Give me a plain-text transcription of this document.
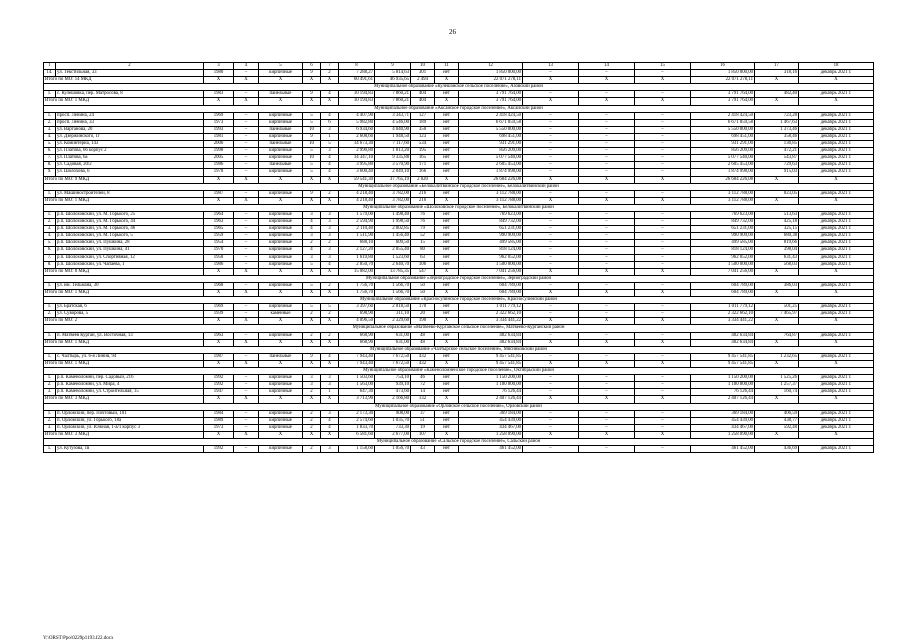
26
1	2	3	4	5	6	7	8	9	10	11	12	13	14	15	16	17	18
14.	ул. Текстильная, 33	1980	–	кирпичные	9	2	7 288,27	5 814,63	301	нет	1 850 000,00	–	–	–	1 850 000,00	318,16	декабрь 2021 г.
Итого по МО: 14 МКД		X	X	X	X	X	60 491,61	46 935,65	2 494	X	22 071 278,11	X	X	X	22 071 278,11	X	X
Муниципальное образование «Кулешовское сельское поселение», Азовский район																	
1.	с. Кулешовка, пер. Матросова, 8	1983	–	панельные	9	4	10 194,83	7 860,21	404	нет	3 791 764,00	–	–	–	3 791 764,00	482,40	декабрь 2021 г.
Итого по МО: 1 МКД		X	X	X	X	X	10 194,83	7 860,21	404	X	3 791 764,00	X	X	X	3 791 764,00	X	X
Муниципальное образование «Аксайское городское поселение», Аксайский район																	
1.	просп. Ленина, 24	1969	–	кирпичные	5	4	4 407,90	3 343,71	127	нет	2 418 424,50	–	–	–	2 418 424,50	723,28	декабрь 2021 г.
2.	просп. Ленина, 33	1973	–	кирпичные	5	6	5 982,80	4 546,00	189	нет	6 671 859,58	–	–	–	6 671 859,58	1 467,63	декабрь 2021 г.
3.	ул. Вартанова, 20	1993	–	панельные	10	3	6 934,60	4 040,90	350	нет	5 550 000,00	–	–	–	5 550 000,00	1 373,46	декабрь 2021 г.
4.	ул. Дзержинского, 1г	1981	–	кирпичные	9	1	2 608,60	1 948,50	123	нет	698 451,00	–	–	–	698 451,00	358,46	декабрь 2021 г.
5.	ул. Коминтерна, 143	2006	–	панельные	10	5	14 673,30	7 117,60	534	нет	931 291,00	–	–	–	931 291,00	130,85	декабрь 2021 г.
6.	ул. Платова, 66 корпус 2	1998	–	кирпичные	5	3	2 990,80	1 813,20	195	нет	856 209,00	–	–	–	856 209,00	472,21	декабрь 2021 г.
7.	ул. Платова, 6а	2005	–	кирпичные	10	4	14 347,10	9 335,88	165	нет	5 077 540,00	–	–	–	5 077 540,00	543,87	декабрь 2021 г.
8.	ул. Садовая, 20/2	1986	–	панельные	5	4	3 995,80	3 570,90	171	нет	2 605 453,00	–	–	–	2 605 453,00	729,63	декабрь 2021 г.
9.	ул. Шолохова, 6	1978	–	кирпичные	5	4	3 600,40	2 049,10	166	нет	1 874 998,00	–	–	–	1 874 998,00	915,03	декабрь 2021 г.
Итого по МО: 9 МКД		X	X	X	X	X	59 541,30	37 765,19	2 020	X	26 684 226,08	X	X	X	26 684 226,08	X	X
Муниципальное образование «Белокалитвинское городское поселение», Белокалитвинский район																	
1.	ул. Машиностроителей, 8	1987	–	кирпичные	9	2	4 218,40	3 782,00	216	нет	3 112 788,00	–	–	–	3 112 788,00	823,05	декабрь 2021 г.
Итого по МО: 1 МКД		X	X	X	X	X	4 218,40	3 782,00	216	X	3 112 788,00	X	X	X	3 112 788,00	X	X
Муниципальное образование «Шолоховское городское поселение», Белокалитвинский район																	
1.	р.п. Шолоховский, ул. М. Горького, 25	1964	–	кирпичные	3	3	1 579,00	1 498,40	76	нет	769 623,00	–	–	–	769 623,00	513,63	декабрь 2021 г.
2.	р.п. Шолоховский, ул. М. Горького, 44	1963	–	кирпичные	4	3	2 594,90	1 998,50	76	нет	849 732,00	–	–	–	849 732,00	425,18	декабрь 2021 г.
3.	р.п. Шолоховский, ул. М. Горького, 46	1965	–	кирпичные	4	3	2 110,40	2 002,85	79	нет	651 231,00	–	–	–	651 231,00	325,15	декабрь 2021 г.
4.	р.п. Шолоховский, ул. М. Горького, 5	1959	–	кирпичные	3	3	1 511,90	1 456,40	52	нет	990 909,00	–	–	–	990 909,00	680,38	декабрь 2021 г.
5.	р.п. Шолоховский, ул. Пушкина, 28	1954	–	кирпичные	2	2	688,10	609,50	15	нет	499 585,00	–	–	–	499 585,00	819,66	декабрь 2021 г.
6.	р.п. Шолоховский, ул. Пушкина, 41	1970	–	кирпичные	4	3	2 127,20	2 055,40	80	нет	818 124,00	–	–	–	818 124,00	398,04	декабрь 2021 г.
7.	р.п. Шолоховский, ул. Спортивная, 12	1958	–	кирпичные	3	3	1 619,80	1 523,60	63	нет	962 052,00	–	–	–	962 052,00	631,43	декабрь 2021 г.
8.	р.п. Шолоховский, ул. Чапаева, 1	1986	–	кирпичные	5	4	2 850,70	2 640,70	106	нет	1 500 000,00	–	–	–	1 500 000,00	568,03	декабрь 2021 г.
Итого по МО: 8 МКД		X	X	X	X	X	15 082,00	13 785,35	547	X	7 041 256,00	X	X	X	7 041 256,00	X	X
Муниципальное образование «Зерноградское городское поселение», Зерноградский район																	
1.	ул. им. Тельмана, 30	1968	–	кирпичные	5	2	1 756,70	1 566,70	50	нет	604 789,00	–	–	–	604 789,00	386,03	декабрь 2021 г.
Итого по МО: 1 МКД		X	X	X	X	X	1 756,70	1 566,70	50	X	604 789,00	X	X	X	604 789,00	X	X
Муниципальное образование «Красносулинское городское поселение», Красносулинский район																	
1.	ул. Братская, 6	1969	–	кирпичные	5	5	3 397,60	2 018,50	170	нет	1 011 779,12	–	–	–	1 011 779,12	501,25	декабрь 2021 г.
2.	ул. Суворова, 5	1939	–	каменные	2	2	698,90	311,10	20	нет	2 322 662,10	–	–	–	2 322 662,10	7 465,97	декабрь 2021 г.
Итого по МО: 2		X	X	X	X	X	4 096,50	2 329,60	190	X	3 334 441,22	X	X	X	3 334 441,22	X	X
Муниципальное образование «Матвеево-Курганское сельское поселение», Матвеево-Курганский район																	
1.	п. Матвеев Курган, ул. Восточная, 13	1963	–	кирпичные	2	2	668,90	631,00	48	нет	482 634,84	–	–	–	482 634,84	764,87	декабрь 2021 г.
Итого по МО: 1 МКД		X	X	X	X	X	668,90	631,00	48	X	482 634,84	X	X	X	482 634,84	X	X
Муниципальное образование «Чалтырское сельское поселение», Мясниковский район																	
1.	с. Чалтырь, ул. 6-я Линия, 94	1987	–	панельные	9	4	7 943,40	7 672,50	432	нет	9 457 541,85	–	–	–	9 457 541,85	1 232,65	декабрь 2021 г.
Итого по МО: 1 МКД		X	X	X	X	X	7 943,40	7 672,50	432	X	9 457 541,85	X	X	X	9 457 541,85	X	X
Муниципальное образование «Каменоломненское городское поселение», Октябрьский район																	
1.	р.п. Каменоломни, пер. Садовый, 216	1992	–	кирпичные	3	3	1 503,60	754,10	46	нет	1 150 200,00	–	–	–	1 150 200,00	1 525,26	декабрь 2021 г.
2.	р.п. Каменоломни, ул. Мира, 4	1992	–	кирпичные	3	3	1 563,00	939,10	72	нет	1 180 800,00	–	–	–	1 180 800,00	1 257,37	декабрь 2021 г.
3.	р.п. Каменоломни, ул. Строительная, 15	1947	–	кирпичные	2	1	647,30	473,60	14	нет	76 126,44	–	–	–	76 126,44	160,74	декабрь 2021 г.
Итого по МО: 3 МКД		X	X	X	X	X	3 713,90	2 166,80	132	X	2 407 126,44	X	X	X	2 407 126,44	X	X
Муниципальное образование «Орловское сельское поселение», Орловский район																	
1.	п. Орловский, пер. Почтовый, 101	1984	–	кирпичные	2	3	2 173,30	908,00	37	нет	369 184,00	–	–	–	369 184,00	406,59	декабрь 2021 г.
2.	п. Орловский, ул. Горького, 18а	1989	–	кирпичные	2	4	2 574,60	1 035,70	51	нет	454 439,00	–	–	–	454 439,00	438,77	декабрь 2021 г.
3.	п. Орловский, ул. Южная, 1-а/1 корпус 3	1973	–	кирпичные	2	4	1 833,70	733,30	19	нет	434 467,00	–	–	–	434 467,00	592,48	декабрь 2021 г.
Итого по МО: 3 МКД		X	X	X	X	X	6 581,60	2 677,00	107	X	1 258 090,00	X	X	X	1 258 090,00	X	X
Муниципальное образование «Сальское городское поселение», Сальский район																	
1.	ул. Кутузова, 1в	1992	–	кирпичные	2	3	1 158,60	1 056,70	43	нет	461 452,00	–	–	–	461 452,00	436,69	декабрь 2021 г.
Y:\ORST\Ppo\0229p1193.f22.docx
